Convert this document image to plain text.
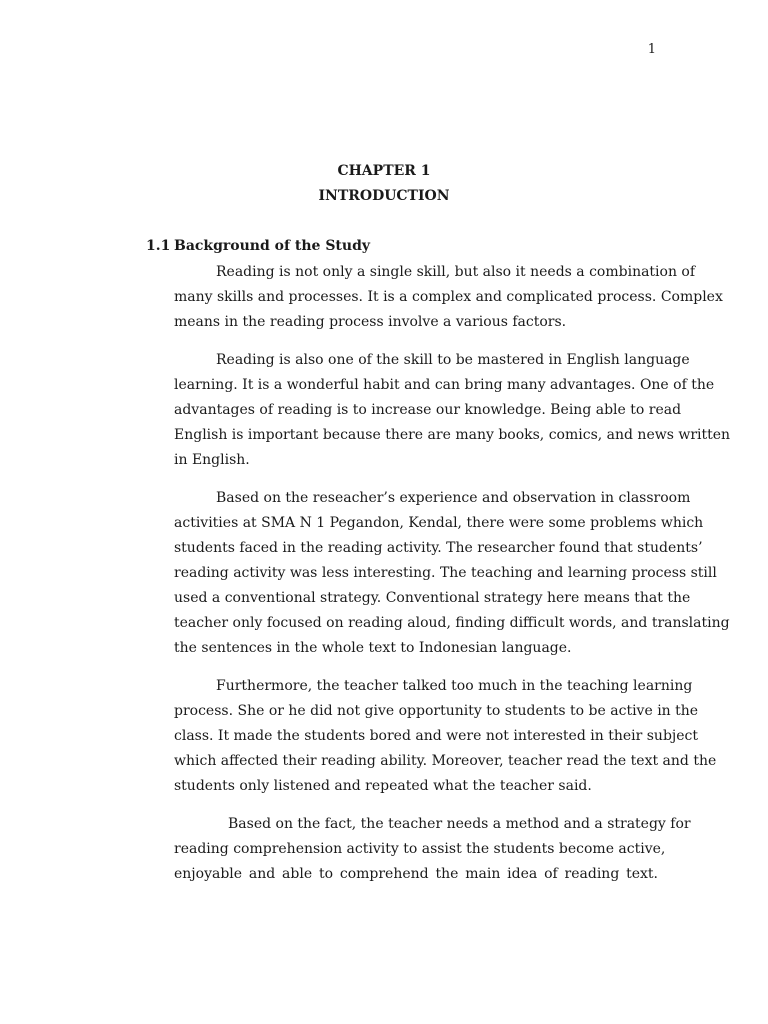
1
CHAPTER 1
INTRODUCTION
1.1 Background of the Study

Reading is not only a single skill, but also it needs a combination of
many skills and processes. It is a complex and complicated process. Complex
means in the reading process involve a various factors.

Reading is also one of the skill to be mastered in English language
learning. It is a wonderful habit and can bring many advantages. One of the
advantages of reading is to increase our knowledge. Being able to read
English is important because there are many books, comics, and news written
in English.

Based on the reseacher’s experience and observation in classroom
activities at SMA N 1 Pegandon, Kendal, there were some problems which
students faced in the reading activity. The researcher found that students’
reading activity was less interesting. The teaching and learning process still
used a conventional strategy. Conventional strategy here means that the
teacher only focused on reading aloud, finding difficult words, and translating
the sentences in the whole text to Indonesian language.

Furthermore, the teacher talked too much in the teaching learning
process. She or he did not give opportunity to students to be active in the
class. It made the students bored and were not interested in their subject
which affected their reading ability. Moreover, teacher read the text and the
students only listened and repeated what the teacher said.

Based on the fact, the teacher needs a method and a strategy for
reading comprehension activity to assist the students become active,
enjoyable and able to comprehend the main idea of reading text.
